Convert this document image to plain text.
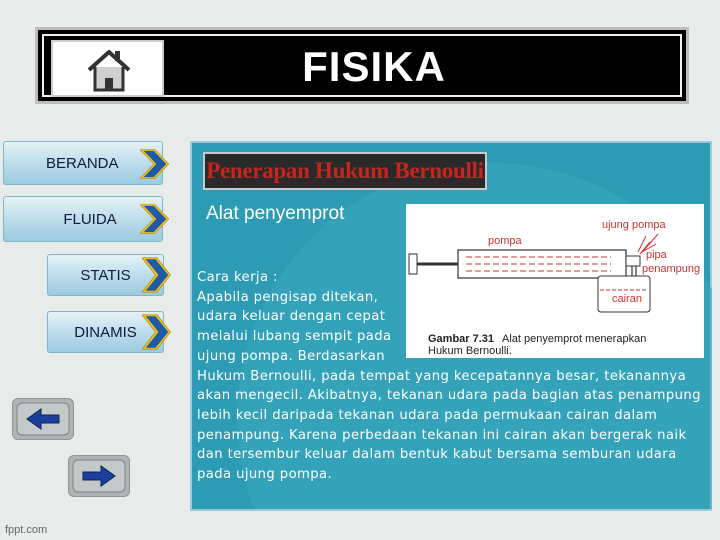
FISIKA
BERANDA
FLUIDA
STATIS
DINAMIS
Penerapan Hukum Bernoulli
Alat penyemprot
ujung pompa
pompa
pipa
penampung
cairan
Gambar 7.31 Alat penyemprot menerapkan
Hukum Bernoulli.
Cara kerja :
Apabila pengisap ditekan,
udara keluar dengan cepat
melalui lubang sempit pada
ujung pompa. Berdasarkan
Hukum Bernoulli, pada tempat yang kecepatannya besar, tekanannya
akan mengecil. Akibatnya, tekanan udara pada bagian atas penampung
lebih kecil daripada tekanan udara pada permukaan cairan dalam
penampung. Karena perbedaan tekanan ini cairan akan bergerak naik
dan tersembur keluar dalam bentuk kabut bersama semburan udara
pada ujung pompa.
fppt.com
